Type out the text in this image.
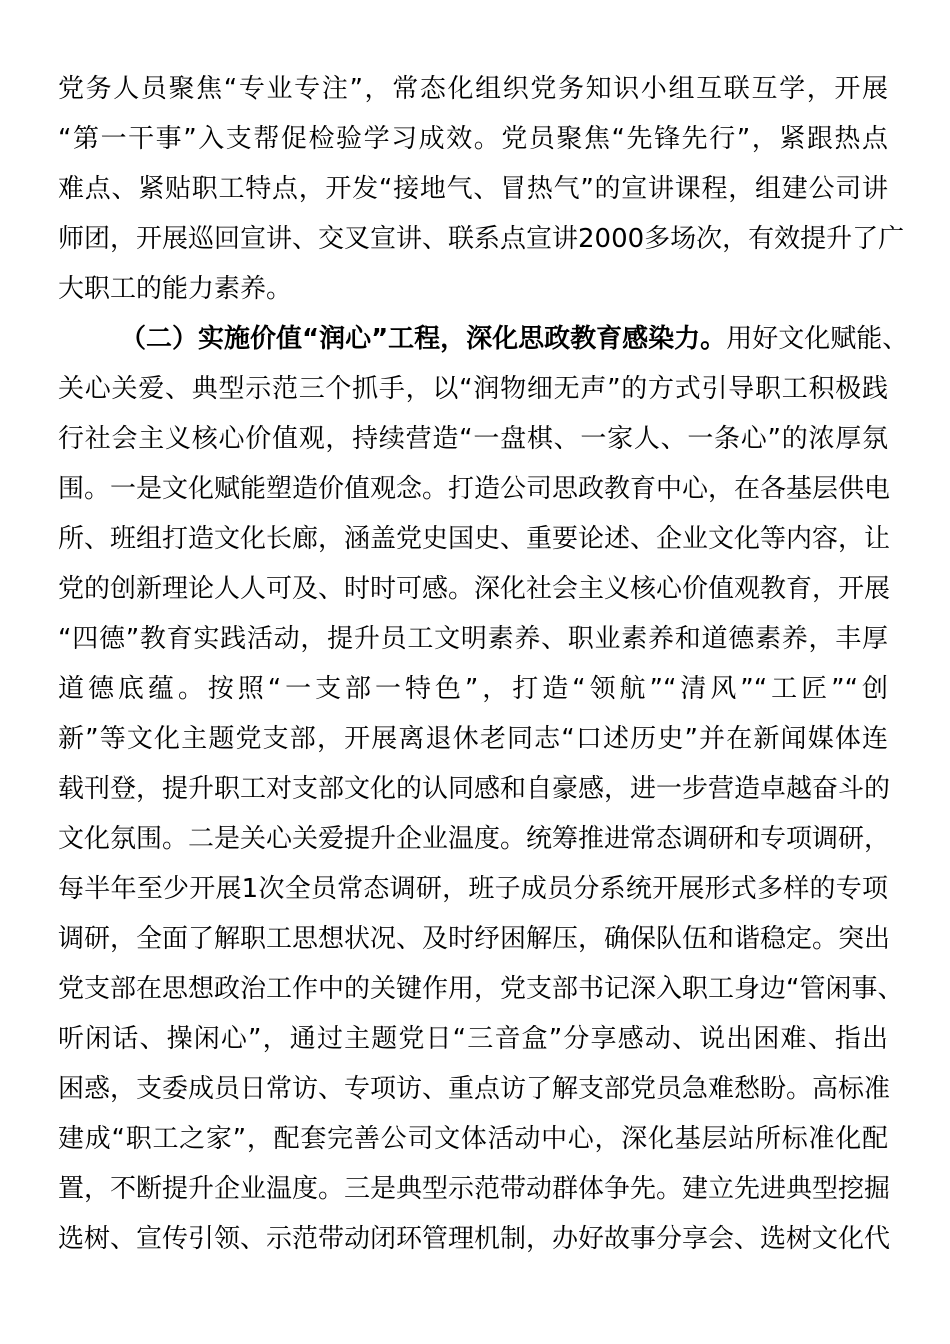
党务人员聚焦“专业专注”，常态化组织党务知识小组互联互学，开展
“第一干事”入支帮促检验学习成效。党员聚焦“先锋先行”，紧跟热点
难点、紧贴职工特点，开发“接地气、冒热气”的宣讲课程，组建公司讲
师团，开展巡回宣讲、交叉宣讲、联系点宣讲2000多场次，有效提升了广
大职工的能力素养。
（二）实施价值“润心”工程，深化思政教育感染力。用好文化赋能、
关心关爱、典型示范三个抓手，以“润物细无声”的方式引导职工积极践
行社会主义核心价值观，持续营造“一盘棋、一家人、一条心”的浓厚氛
围。一是文化赋能塑造价值观念。打造公司思政教育中心，在各基层供电
所、班组打造文化长廊，涵盖党史国史、重要论述、企业文化等内容，让
党的创新理论人人可及、时时可感。深化社会主义核心价值观教育，开展
“四德”教育实践活动，提升员工文明素养、职业素养和道德素养，丰厚
道德底蕴。按照“一支部一特色”，打造“领航”“清风”“工匠”“创
新”等文化主题党支部，开展离退休老同志“口述历史”并在新闻媒体连
载刊登，提升职工对支部文化的认同感和自豪感，进一步营造卓越奋斗的
文化氛围。二是关心关爱提升企业温度。统筹推进常态调研和专项调研，
每半年至少开展1次全员常态调研，班子成员分系统开展形式多样的专项
调研，全面了解职工思想状况、及时纾困解压，确保队伍和谐稳定。突出
党支部在思想政治工作中的关键作用，党支部书记深入职工身边“管闲事、
听闲话、操闲心”，通过主题党日“三音盒”分享感动、说出困难、指出
困惑，支委成员日常访、专项访、重点访了解支部党员急难愁盼。高标准
建成“职工之家”，配套完善公司文体活动中心，深化基层站所标准化配
置，不断提升企业温度。三是典型示范带动群体争先。建立先进典型挖掘
选树、宣传引领、示范带动闭环管理机制，办好故事分享会、选树文化代
